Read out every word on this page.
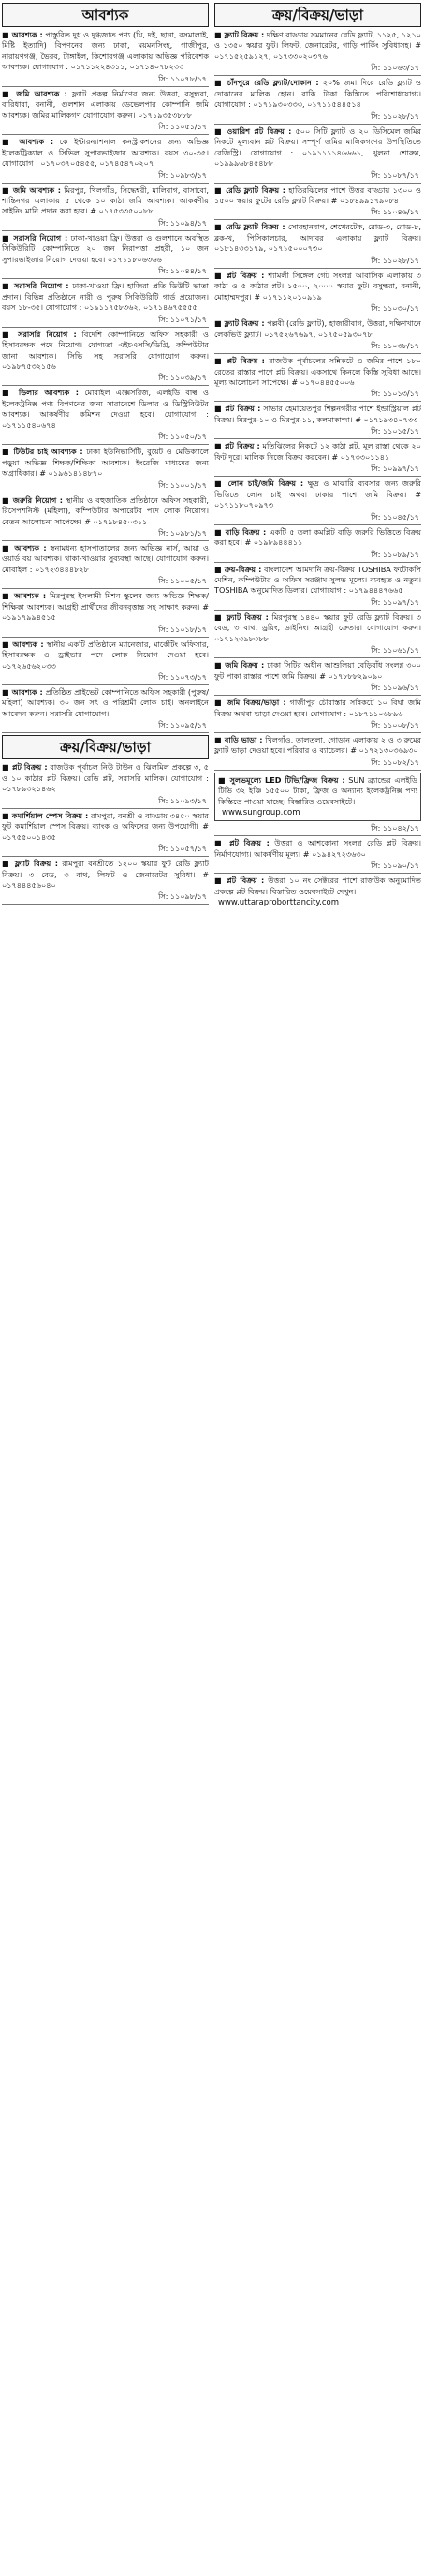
আবশ্যক
■ আবশ্যক : পাস্তুরিত দুধ ও দুগ্ধজাত পণ্য (ঘি, দই, ছানা, রসমালাই, মিষ্টি ইত্যাদি) বিপণনের জন্য ঢাকা, ময়মনসিংহ, গাজীপুর, নারায়ণগঞ্জ, ভৈরব, টাঙ্গাইল, কিশোরগঞ্জ এলাকায় অভিজ্ঞ পরিবেশক আবশ্যক। যোগাযোগ : ০১৭১১২২৪৩১১, ০১৭১৪০৭৮২৩৩
সি: ১১০৭৮/১৭
■ জমি আবশ্যক : ফ্ল্যাট প্রকল্প নির্মাণের জন্য উত্তরা, বসুন্ধরা, বারিধারা, বনানী, গুলশান এলাকায় ডেভেলপার কোম্পানি জমি আবশ্যক। জমির মালিকগণ যোগাযোগ করুন। ০১৭১৯৩৫৩৮৮৮
সি: ১১০৫১/১৭
■ আবশ্যক : কে ইন্টারন্যাশনাল কনস্ট্রাকশনের জন্য অভিজ্ঞ ইলেকট্রিক্যাল ও সিভিল সুপারভাইজার আবশ্যক। বয়স ৩০-৩৫। যোগাযোগ : ০১৭০৩৭০৫৪৫৫, ০১৭৪৫৪৭০২০৭
সি: ১০৯৮৩/১৭
■ জমি আবশ্যক : মিরপুর, খিলগাঁও, সিদ্ধেশ্বরী, মালিবাগ, বাসাবো, শান্তিনগর এলাকায় ৫ থেকে ১০ কাঠা জমি আবশ্যক। আকর্ষণীয় সাইনিং মানি প্রদান করা হবে। # ০১৭৫৩৩৫০০৮৮
সি: ১১০৯৪/১৭
■ সরাসরি নিয়োগ : ঢাকা-খাওয়া ফ্রি। উত্তরা ও গুলশানে অবস্থিত সিকিউরিটি কোম্পানিতে ২০ জন নিরাপত্তা প্রহরী, ১০ জন সুপারভাইজার নিয়োগ দেওয়া হবে। ০১৭১১৮০৬৩৬৬
সি: ১১০৪৪/১৭
■ সরাসরি নিয়োগ : ঢাকা-খাওয়া ফ্রি। হাজিরা প্রতি ডিউটি ভাতা প্রদান। বিভিন্ন প্রতিষ্ঠানে নারী ও পুরুষ সিকিউরিটি গার্ড প্রয়োজন। বয়স ১৮-৩৫। যোগাযোগ : ০১৯১১৭৫৮৩৬২, ০১৭১৪৬৭৫৫৫৫
সি: ১১০৭১/১৭
■ সরাসরি নিয়োগ : বিদেশি কোম্পানিতে অফিস সহকারী ও হিসাবরক্ষক পদে নিয়োগ। যোগ্যতা এইচএসসি/ডিগ্রি, কম্পিউটার জানা আবশ্যক। সিভি সহ সরাসরি যোগাযোগ করুন। ০১৯৮৭৫৩২১৫৬
সি: ১১০৩৯/১৭
■ ডিলার আবশ্যক : মোবাইল এক্সেসরিজ, এলইডি বাল্ব ও ইলেকট্রনিক্স পণ্য বিপণনের জন্য সারাদেশে ডিলার ও ডিস্ট্রিবিউটর আবশ্যক। আকর্ষণীয় কমিশন দেওয়া হবে। যোগাযোগ : ০১৭১১৫৪০৬৭৪
সি: ১১০৫০/১৭
■ টিউটর চাই আবশ্যক : ঢাকা ইউনিভার্সিটি, বুয়েট ও মেডিক্যালে পড়ুয়া অভিজ্ঞ শিক্ষক/শিক্ষিকা আবশ্যক। ইংরেজি মাধ্যমের জন্য অগ্রাধিকার। # ০১৯৬১৪১৪৮৭০
সি: ১১০০১/১৭
■ জরুরি নিয়োগ : স্থানীয় ও বহুজাতিক প্রতিষ্ঠানে অফিস সহকারী, রিসেপশনিস্ট (মহিলা), কম্পিউটার অপারেটর পদে লোক নিয়োগ। বেতন আলোচনা সাপেক্ষে। # ০১৭৯৮৪৫০৩১১
সি: ১০৯৮১/১৭
■ আবশ্যক : স্বনামধন্য হাসপাতালের জন্য অভিজ্ঞ নার্স, আয়া ও ওয়ার্ড বয় আবশ্যক। থাকা-খাওয়ার সুব্যবস্থা আছে। যোগাযোগ করুন। মোবাইল : ০১৭২৩৪৪৪৮২৮
সি: ১১০০৫/১৭
■ আবশ্যক : মিরপুরস্থ ইসলামী মিশন স্কুলের জন্য অভিজ্ঞ শিক্ষক/শিক্ষিকা আবশ্যক। আগ্রহী প্রার্থীদের জীবনবৃত্তান্ত সহ সাক্ষাৎ করুন। # ০১৯১৭৯৯৪৫১৫
সি: ১১০১৮/১৭
■ আবশ্যক : স্থানীয় একটি প্রতিষ্ঠানে ম্যানেজার, মার্কেটিং অফিসার, হিসাবরক্ষক ও ড্রাইভার পদে লোক নিয়োগ দেওয়া হবে। ০১৭২৬৫৬২০৩৩
সি: ১১০৭৩/১৭
■ আবশ্যক : প্রতিষ্ঠিত প্রাইভেট কোম্পানিতে অফিস সহকারী (পুরুষ/মহিলা) আবশ্যক। ৩০ জন সৎ ও পরিশ্রমী লোক চাই। অনলাইনে আবেদন করুন। সরাসরি যোগাযোগ।
সি: ১১০৯৫/১৭
ক্রয়/বিক্রয়/ভাড়া
■ প্লট বিক্রয় : রাজউক পূর্বাচল নিউ টাউন ও ঝিলমিল প্রকল্পে ৩, ৫ ও ১০ কাঠার প্লট বিক্রয়। রেডি প্লট, সরাসরি মালিক। যোগাযোগ : ০১৭৮৯৩২১৪৬২
সি: ১১০৯৩/১৭
■ কমার্শিয়াল স্পেস বিক্রয় : রামপুরা, বনশ্রী ও বাড্ডায় ৩৪৫০ স্কয়ার ফুট কমার্শিয়াল স্পেস বিক্রয়। ব্যাংক ও অফিসের জন্য উপযোগী। # ০১৭৫৫০০১৪৩৫
সি: ১১০৫৭/১৭
■ ফ্ল্যাট বিক্রয় : রামপুরা বনশ্রীতে ১২০০ স্কয়ার ফুট রেডি ফ্ল্যাট বিক্রয়। ৩ বেড, ৩ বাথ, লিফট ও জেনারেটর সুবিধা। # ০১৭৪৪৪৫৬০৪০
সি: ১১০৯৮/১৭
ক্রয়/বিক্রয়/ভাড়া
■ ফ্ল্যাট বিক্রয় : দক্ষিণ বাড্ডায় সমমানের রেডি ফ্ল্যাট, ১১২৫, ১২১০ ও ১৩৫০ স্কয়ার ফুট। লিফট, জেনারেটর, গাড়ি পার্কিং সুবিধাসহ। # ০১৭১৫২৫৯১২৭, ০১৭৩৩০২০৩৭৬
সি: ১১০৬৩/১৭
■ চাঁদপুরে রেডি ফ্ল্যাট/দোকান : ২০% জমা দিয়ে রেডি ফ্ল্যাট ও দোকানের মালিক হোন। বাকি টাকা কিস্তিতে পরিশোধযোগ্য। যোগাযোগ : ০১৭১৯৩০৩৩৩, ০১৭১১৫৪৪৫১৪
সি: ১১০২৮/১৭
■ ওয়ারিশ প্লট বিক্রয় : ৫০০ সিটি ফ্ল্যাট ও ২০ ডিসিমেল জমির নিকটে মূল্যবান প্লট বিক্রয়। সম্পূর্ণ জমির মালিকগণের উপস্থিতিতে রেজিস্ট্রি। যোগাযোগ : ০১৯১১১১৪৬৬৬১, খুলনা শোরুম, ০১৯৯৯৬৮৪৫৪৮৮
সি: ১১০৮৭/১৭
■ রেডি ফ্ল্যাট বিক্রয় : হাতিরঝিলের পাশে উত্তর বাড্ডায় ১৩০০ ও ১৫০০ স্কয়ার ফুটের রেডি ফ্ল্যাট বিক্রয়। # ০১৮৪৯৯১৭৯০৮৪
সি: ১১০৪৬/১৭
■ রেডি ফ্ল্যাট বিক্রয় : সোবহানবাগ, শেখেরটেক, রোড-৩, রোড-৮, ব্লক-খ, পিসিকালচার, আদাবর এলাকায় ফ্ল্যাট বিক্রয়। ০১৮১৪৩৩১৭৯, ০১৭১৫০০০৭৩০
সি: ১১০২৮/১৭
■ প্লট বিক্রয় : শ্যামলী সিঙ্গেল গেট সংলগ্ন আবাসিক এলাকায় ৩ কাঠা ও ৫ কাঠার প্লট। ১৫০০, ২০০০ স্কয়ার ফুট। বসুন্ধরা, বনানী, মোহাম্মদপুর। # ০১৭১১২০১০৯১৯
সি: ১১০৩০/১৭
■ ফ্ল্যাট বিক্রয় : পল্লবী (রেডি ফ্ল্যাট), হাজারীবাগ, উত্তরা, দক্ষিণখানে লেকভিউ ফ্ল্যাট। ০১৭৫২৬৭৬৯৭, ০১৭৫০৫৯৩০৭৮
সি: ১১০৩৮/১৭
■ প্লট বিক্রয় : রাজউক পূর্বাচলের সন্নিকটে ও জমির পাশে ১৮০ রেতের রাস্তার পাশে প্লট বিক্রয়। একসাথে কিনলে কিস্তি সুবিধা আছে। মূল্য আলোচনা সাপেক্ষে। # ০১৭০৪৪৫৫০০৬
সি: ১১০১৩/১৭
■ প্লট বিক্রয় : সাভার হেমায়েতপুর শিল্পনগরীর পাশে ইন্ডাস্ট্রিয়াল প্লট বিক্রয়। মিরপুর-১০ ও মিরপুর-১১, কলমাকান্দা। # ০১৭১৯৩৪০৭৩৩
সি: ১১০১৫/১৭
■ প্লট বিক্রয় : মতিঝিলের নিকটে ১২ কাঠা প্লট, মূল রাস্তা থেকে ২০ ফিট দূরে। মালিক নিজে বিক্রয় করবেন। # ০১৭৩৩০১১৪১
সি: ১০৯৯৭/১৭
■ লোন চাই/জমি বিক্রয় : ক্ষুদ্র ও মাঝারি ব্যবসার জন্য জরুরি ভিত্তিতে লোন চাই অথবা ঢাকার পাশে জমি বিক্রয়। # ০১৭১১৮০৭০৯৭৩
সি: ১১০৪৫/১৭
■ বাড়ি বিক্রয় : একটি ৫ তলা কমপ্লিট বাড়ি জরুরি ভিত্তিতে বিক্রয় করা হবে। # ০১৯৮৯৪৪৪১১
সি: ১১০৮৯/১৭
■ ক্রয়-বিক্রয় : বাংলাদেশ আমদানি ক্রয়-বিক্রয় TOSHIBA ফটোকপি মেশিন, কম্পিউটার ও অফিস সরঞ্জাম সুলভ মূল্যে। ব্যবহৃত ও নতুন। TOSHIBA অনুমোদিত ডিলার। যোগাযোগ : ০১৭৯৪৪৪৭৬৬৫
সি: ১১০৯৭/১৭
■ ফ্ল্যাট বিক্রয় : মিরপুরস্থ ১৪৪০ স্কয়ার ফুট রেডি ফ্ল্যাট বিক্রয়। ৩ বেড, ৩ বাথ, ড্রয়িং, ডাইনিং। আগ্রহী ক্রেতারা যোগাযোগ করুন। ০১৭১২৩৯৮৩৮৮
সি: ১১০৬১/১৭
■ জমি বিক্রয় : ঢাকা সিটির অধীন আশুলিয়া বেড়িবাঁধ সংলগ্ন ৩০০ ফুট পাকা রাস্তার পাশে জমি বিক্রয়। # ০১৭৮৮৮২৯০৯০
সি: ১১০৯৬/১৭
■ জমি বিক্রয়/ভাড়া : গাজীপুর চৌরাস্তার সন্নিকটে ১০ বিঘা জমি বিক্রয় অথবা ভাড়া দেওয়া হবে। যোগাযোগ : ০১৮৭১১০৬৮৯৬
সি: ১১০০৮/১৭
■ বাড়ি ভাড়া : খিলগাঁও, তালতলা, গোড়ান এলাকায় ২ ও ৩ রুমের ফ্ল্যাট ভাড়া দেওয়া হবে। পরিবার ও ব্যাচেলর। # ০১৭২১৩০৩৬৯৩০
সি: ১১০৮২/১৭
■ সুলভমূল্যে LED টিভি/ফ্রিজ বিক্রয় : SUN ব্র্যান্ডের এলইডি টিভি ৩২ ইঞ্চি ১৫৫০০ টাকা, ফ্রিজ ও অন্যান্য ইলেকট্রনিক্স পণ্য কিস্তিতে পাওয়া যাচ্ছে। বিস্তারিত ওয়েবসাইটে।
www.sungroup.com
সি: ১১০৪২/১৭
■ প্লট বিক্রয় : উত্তরা ও আশকোনা সংলগ্ন রেডি প্লট বিক্রয়। নির্মাণযোগ্য। আকর্ষণীয় মূল্য। # ০১৯৪২৭২৩৬৩০
সি: ১১০৯০/১৭
■ প্লট বিক্রয় : উত্তরা ১০ নং সেক্টরের পাশে রাজউক অনুমোদিত প্রকল্পে প্লট বিক্রয়। বিস্তারিত ওয়েবসাইটে দেখুন।
www.uttaraproborttancity.com
